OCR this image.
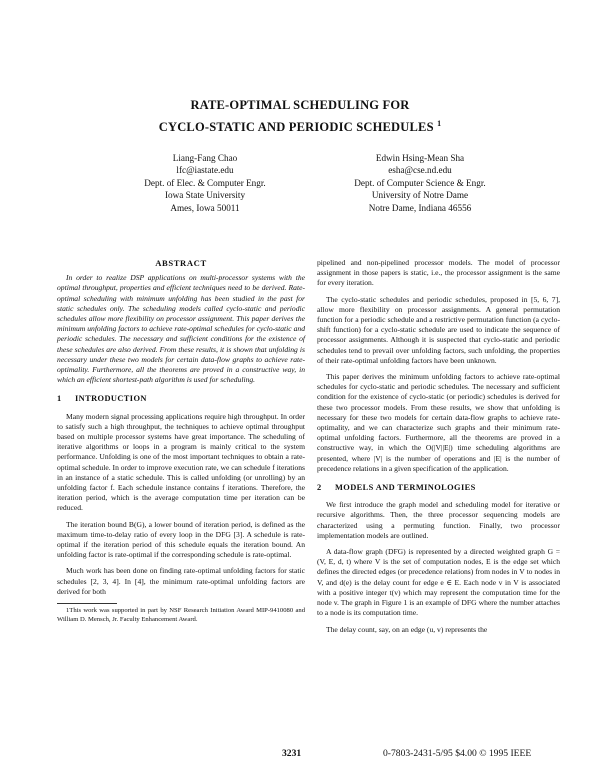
RATE-OPTIMAL SCHEDULING FOR
CYCLO-STATIC AND PERIODIC SCHEDULES $^1$
Liang-Fang Chao
lfc@iastate.edu
Dept. of Elec. & Computer Engr.
Iowa State University
Ames, Iowa 50011
Edwin Hsing-Mean Sha
esha@cse.nd.edu
Dept. of Computer Science & Engr.
University of Notre Dame
Notre Dame, Indiana 46556
ABSTRACT

In order to realize DSP applications on multi-processor systems with the optimal throughput, properties and efficient techniques need to be derived. Rate-optimal scheduling with minimum unfolding has been studied in the past for static schedules only. The scheduling models called cyclo-static and periodic schedules allow more flexibility on processor assignment. This paper derives the minimum unfolding factors to achieve rate-optimal schedules for cyclo-static and periodic schedules. The necessary and sufficient conditions for the existence of these schedules are also derived. From these results, it is shown that unfolding is necessary under these two models for certain data-flow graphs to achieve rate-optimality. Furthermore, all the theorems are proved in a constructive way, in which an efficient shortest-path algorithm is used for scheduling.

1 INTRODUCTION

Many modern signal processing applications require high throughput. In order to satisfy such a high throughput, the techniques to achieve optimal throughput based on multiple processor systems have great importance. The scheduling of iterative algorithms or loops in a program is mainly critical to the system performance. Unfolding is one of the most important techniques to obtain a rate-optimal schedule. In order to improve execution rate, we can schedule f iterations in an instance of a static schedule. This is called unfolding (or unrolling) by an unfolding factor f. Each schedule instance contains f iterations. Therefore, the iteration period, which is the average computation time per iteration can be reduced.

The iteration bound B(G), a lower bound of iteration period, is defined as the maximum time-to-delay ratio of every loop in the DFG [3]. A schedule is rate-optimal if the iteration period of this schedule equals the iteration bound. An unfolding factor is rate-optimal if the corresponding schedule is rate-optimal.

Much work has been done on finding rate-optimal unfolding factors for static schedules [2, 3, 4]. In [4], the minimum rate-optimal unfolding factors are derived for both

1This work was supported in part by NSF Research Initiation Award MIP-9410080 and William D. Mensch, Jr. Faculty Enhancement Award.

pipelined and non-pipelined processor models. The model of processor assignment in those papers is static, i.e., the processor assignment is the same for every iteration.

The cyclo-static schedules and periodic schedules, proposed in [5, 6, 7], allow more flexibility on processor assignments. A general permutation function for a periodic schedule and a restrictive permutation function (a cyclo-shift function) for a cyclo-static schedule are used to indicate the sequence of processor assignments. Although it is suspected that cyclo-static and periodic schedules tend to prevail over unfolding factors, such unfolding, the properties of their rate-optimal unfolding factors have been unknown.

This paper derives the minimum unfolding factors to achieve rate-optimal schedules for cyclo-static and periodic schedules. The necessary and sufficient condition for the existence of cyclo-static (or periodic) schedules is derived for these two processor models. From these results, we show that unfolding is necessary for these two models for certain data-flow graphs to achieve rate-optimality, and we can characterize such graphs and their minimum rate-optimal unfolding factors. Furthermore, all the theorems are proved in a constructive way, in which the O(|V||E|) time scheduling algorithms are presented, where |V| is the number of operations and |E| is the number of precedence relations in a given specification of the application.

2 MODELS AND TERMINOLOGIES

We first introduce the graph model and scheduling model for iterative or recursive algorithms. Then, the three processor sequencing models are characterized using a permuting function. Finally, two processor implementation models are outlined.

A data-flow graph (DFG) is represented by a directed weighted graph G = (V, E, d, t) where V is the set of computation nodes, E is the edge set which defines the directed edges (or precedence relations) from nodes in V to nodes in V, and d(e) is the delay count for edge e ∈ E. Each node v in V is associated with a positive integer t(v) which may represent the computation time for the node v. The graph in Figure 1 is an example of DFG where the number attaches to a node is its computation time.

The delay count, say, on an edge (u, v) represents the

3231	0-7803-2431-5/95 $4.00 © 1995 IEEE
